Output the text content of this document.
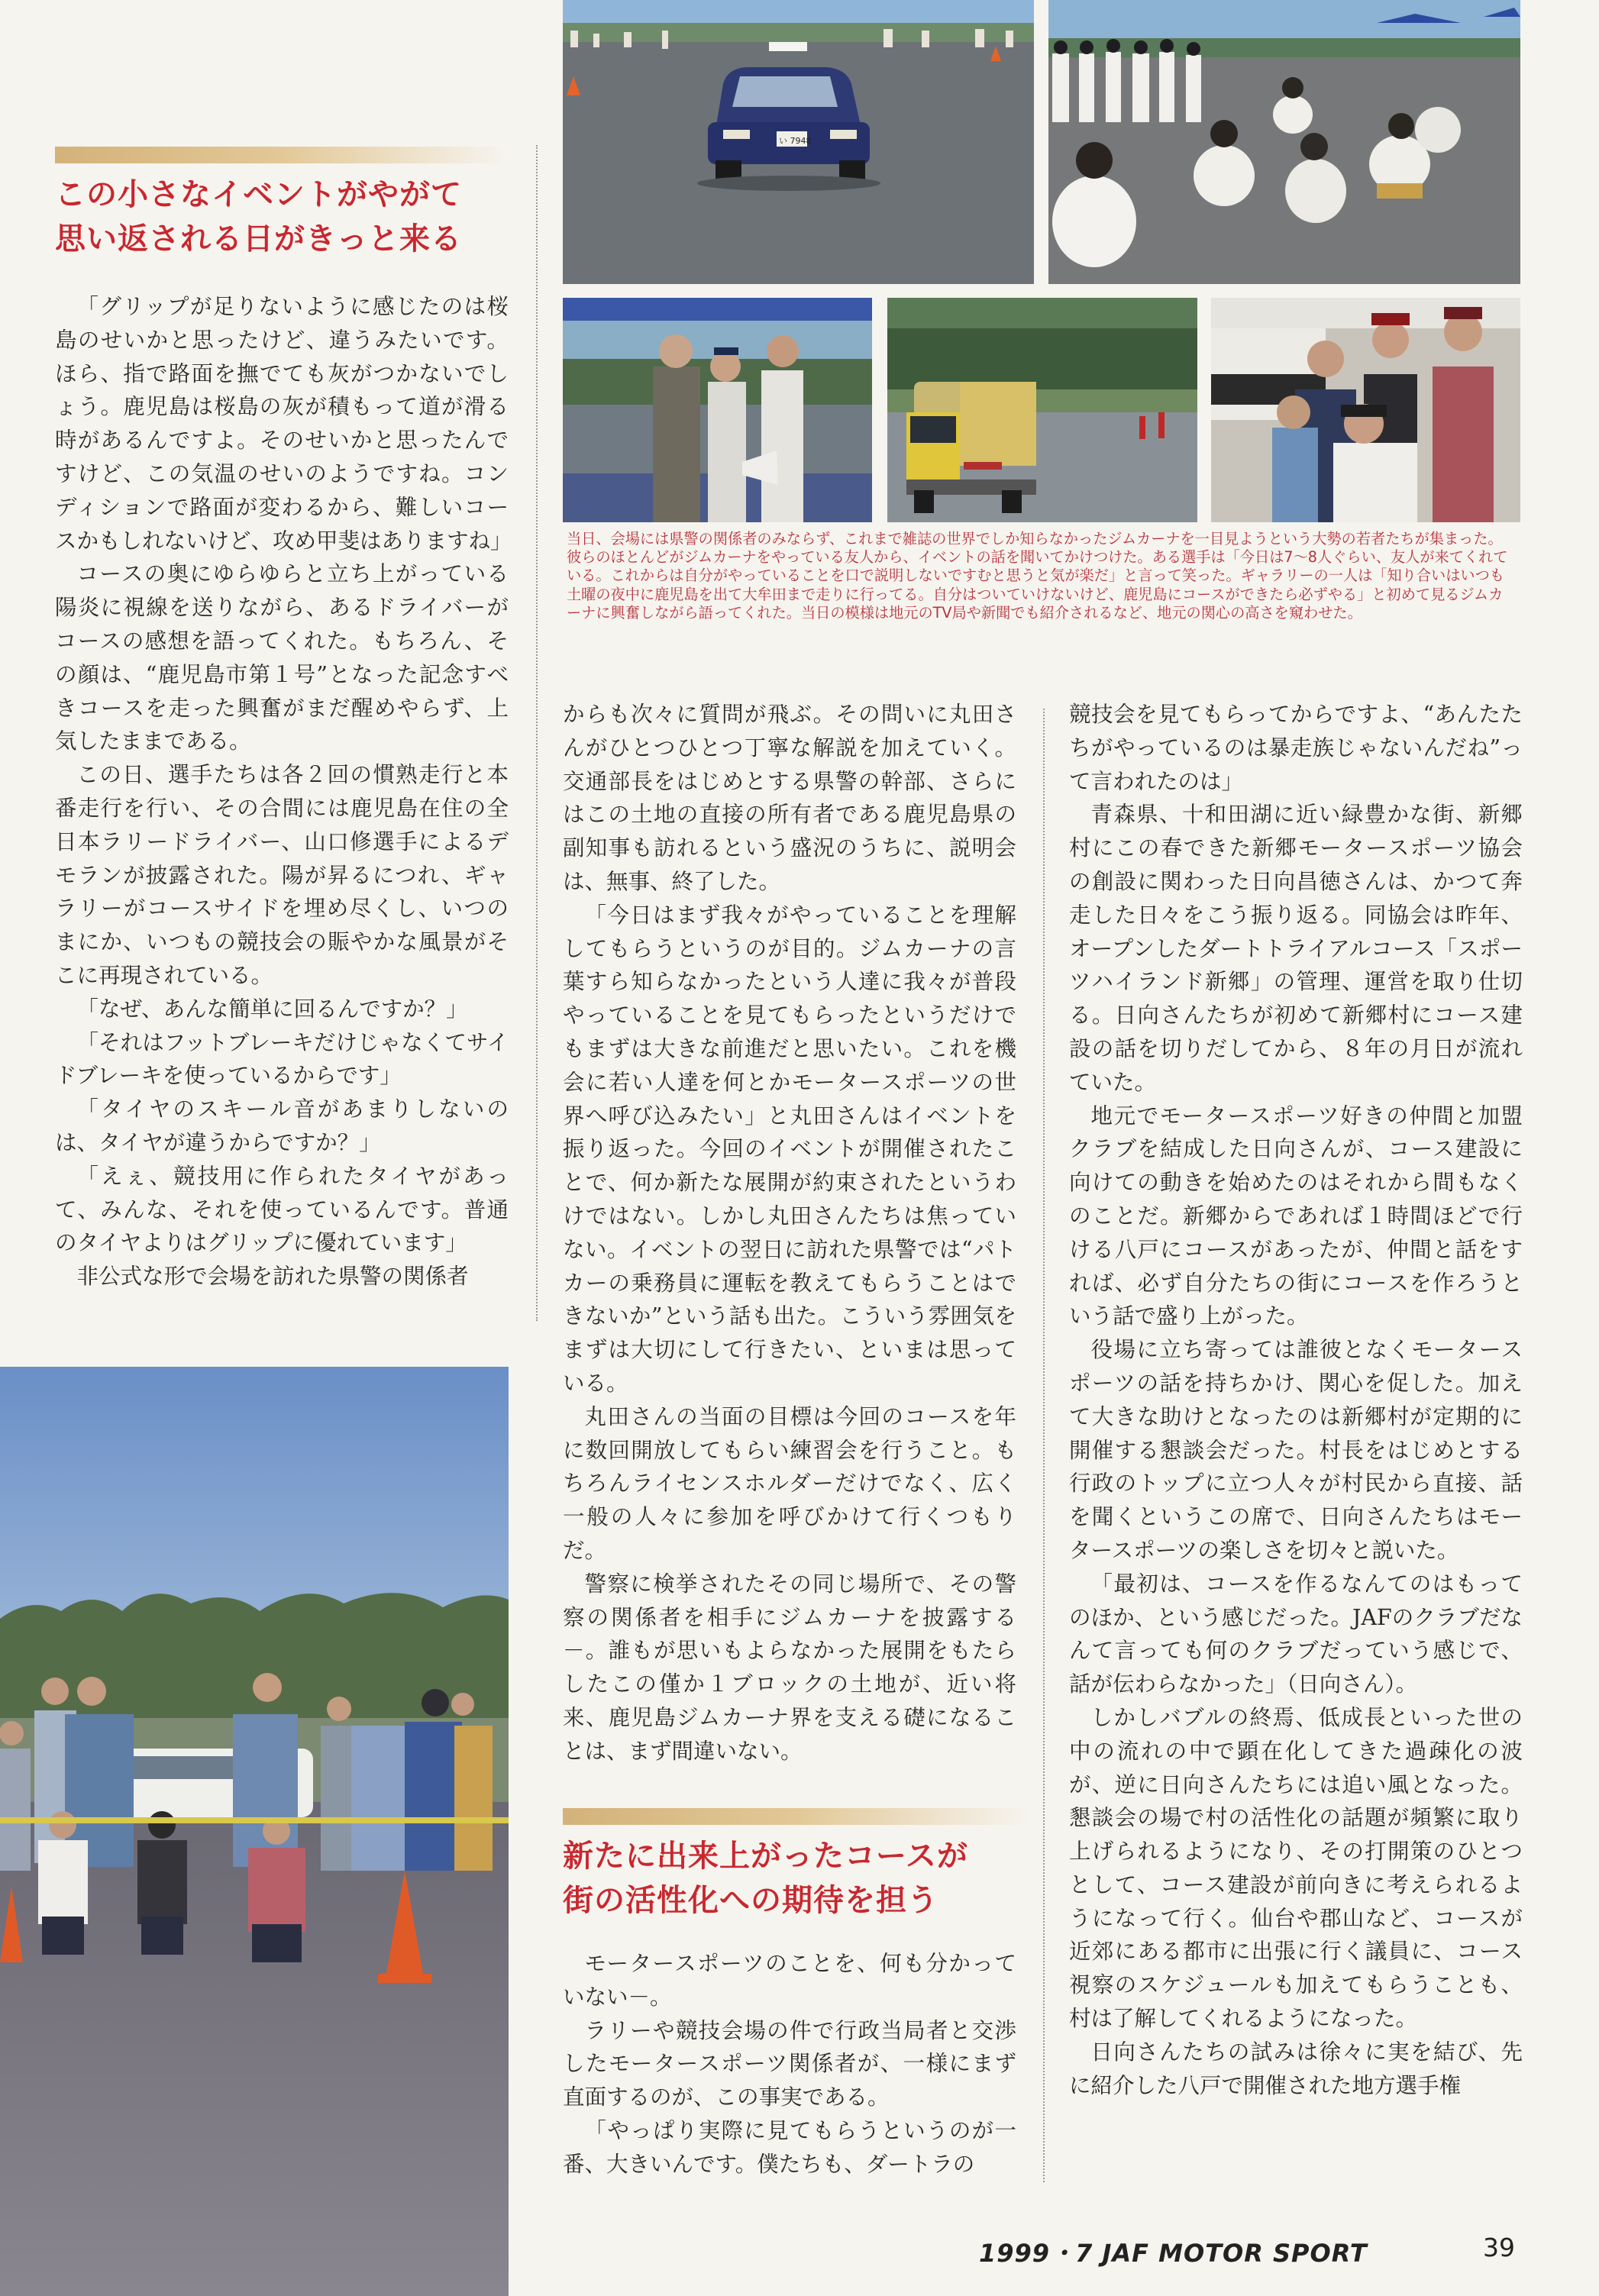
い 7948
この小さなイベントがやがて
思い返される日がきっと来る
新たに出来上がったコースが
街の活性化への期待を担う

当日、会場には県警の関係者のみならず、これまで雑誌の世界でしか知らなかったジムカーナを一目見ようという大勢の若者たちが集まった。彼らのほとんどがジムカーナをやっている友人から、イベントの話を聞いてかけつけた。ある選手は「今日は7～8人ぐらい、友人が来てくれている。これからは自分がやっていることを口で説明しないですむと思うと気が楽だ」と言って笑った。ギャラリーの一人は「知り合いはいつも土曜の夜中に鹿児島を出て大牟田まで走りに行ってる。自分はついていけないけど、鹿児島にコースができたら必ずやる」と初めて見るジムカーナに興奮しながら語ってくれた。当日の模様は地元のTV局や新聞でも紹介されるなど、地元の関心の高さを窺わせた。

「グリップが足りないように感じたのは桜島のせいかと思ったけど、違うみたいです。ほら、指で路面を撫でても灰がつかないでしょう。鹿児島は桜島の灰が積もって道が滑る時があるんですよ。そのせいかと思ったんですけど、この気温のせいのようですね。コンディションで路面が変わるから、難しいコースかもしれないけど、攻め甲斐はありますね」

コースの奥にゆらゆらと立ち上がっている陽炎に視線を送りながら、あるドライバーがコースの感想を語ってくれた。もちろん、その顔は、“鹿児島市第１号”となった記念すべきコースを走った興奮がまだ醒めやらず、上気したままである。

この日、選手たちは各２回の慣熟走行と本番走行を行い、その合間には鹿児島在住の全日本ラリードライバー、山口修選手によるデモランが披露された。陽が昇るにつれ、ギャラリーがコースサイドを埋め尽くし、いつのまにか、いつもの競技会の賑やかな風景がそこに再現されている。

「なぜ、あんな簡単に回るんですか？」

「それはフットブレーキだけじゃなくてサイドブレーキを使っているからです」

「タイヤのスキール音があまりしないのは、タイヤが違うからですか？」

「えぇ、競技用に作られたタイヤがあって、みんな、それを使っているんです。普通のタイヤよりはグリップに優れています」

非公式な形で会場を訪れた県警の関係者

からも次々に質問が飛ぶ。その問いに丸田さんがひとつひとつ丁寧な解説を加えていく。交通部長をはじめとする県警の幹部、さらにはこの土地の直接の所有者である鹿児島県の副知事も訪れるという盛況のうちに、説明会は、無事、終了した。

「今日はまず我々がやっていることを理解してもらうというのが目的。ジムカーナの言葉すら知らなかったという人達に我々が普段やっていることを見てもらったというだけでもまずは大きな前進だと思いたい。これを機会に若い人達を何とかモータースポーツの世界へ呼び込みたい」と丸田さんはイベントを振り返った。今回のイベントが開催されたことで、何か新たな展開が約束されたというわけではない。しかし丸田さんたちは焦っていない。イベントの翌日に訪れた県警では“パトカーの乗務員に運転を教えてもらうことはできないか”という話も出た。こういう雰囲気をまずは大切にして行きたい、といまは思っている。

丸田さんの当面の目標は今回のコースを年に数回開放してもらい練習会を行うこと。もちろんライセンスホルダーだけでなく、広く一般の人々に参加を呼びかけて行くつもりだ。

警察に検挙されたその同じ場所で、その警察の関係者を相手にジムカーナを披露する－。誰もが思いもよらなかった展開をもたらしたこの僅か１ブロックの土地が、近い将来、鹿児島ジムカーナ界を支える礎になることは、まず間違いない。

モータースポーツのことを、何も分かっていない－。

ラリーや競技会場の件で行政当局者と交渉したモータースポーツ関係者が、一様にまず直面するのが、この事実である。

「やっぱり実際に見てもらうというのが一番、大きいんです。僕たちも、ダートラの

競技会を見てもらってからですよ、“あんたたちがやっているのは暴走族じゃないんだね”って言われたのは」

青森県、十和田湖に近い緑豊かな街、新郷村にこの春できた新郷モータースポーツ協会の創設に関わった日向昌徳さんは、かつて奔走した日々をこう振り返る。同協会は昨年、オープンしたダートトライアルコース「スポーツハイランド新郷」の管理、運営を取り仕切る。日向さんたちが初めて新郷村にコース建設の話を切りだしてから、８年の月日が流れていた。

地元でモータースポーツ好きの仲間と加盟クラブを結成した日向さんが、コース建設に向けての動きを始めたのはそれから間もなくのことだ。新郷からであれば１時間ほどで行ける八戸にコースがあったが、仲間と話をすれば、必ず自分たちの街にコースを作ろうという話で盛り上がった。

役場に立ち寄っては誰彼となくモータースポーツの話を持ちかけ、関心を促した。加えて大きな助けとなったのは新郷村が定期的に開催する懇談会だった。村長をはじめとする行政のトップに立つ人々が村民から直接、話を聞くというこの席で、日向さんたちはモータースポーツの楽しさを切々と説いた。

「最初は、コースを作るなんてのはもってのほか、という感じだった。JAFのクラブだなんて言っても何のクラブだっていう感じで、話が伝わらなかった」（日向さん）。

しかしバブルの終焉、低成長といった世の中の流れの中で顕在化してきた過疎化の波が、逆に日向さんたちには追い風となった。懇談会の場で村の活性化の話題が頻繁に取り上げられるようになり、その打開策のひとつとして、コース建設が前向きに考えられるようになって行く。仙台や郡山など、コースが近郊にある都市に出張に行く議員に、コース視察のスケジュールも加えてもらうことも、村は了解してくれるようになった。

日向さんたちの試みは徐々に実を結び、先に紹介した八戸で開催された地方選手権

1999・7 JAF MOTOR SPORT	39
